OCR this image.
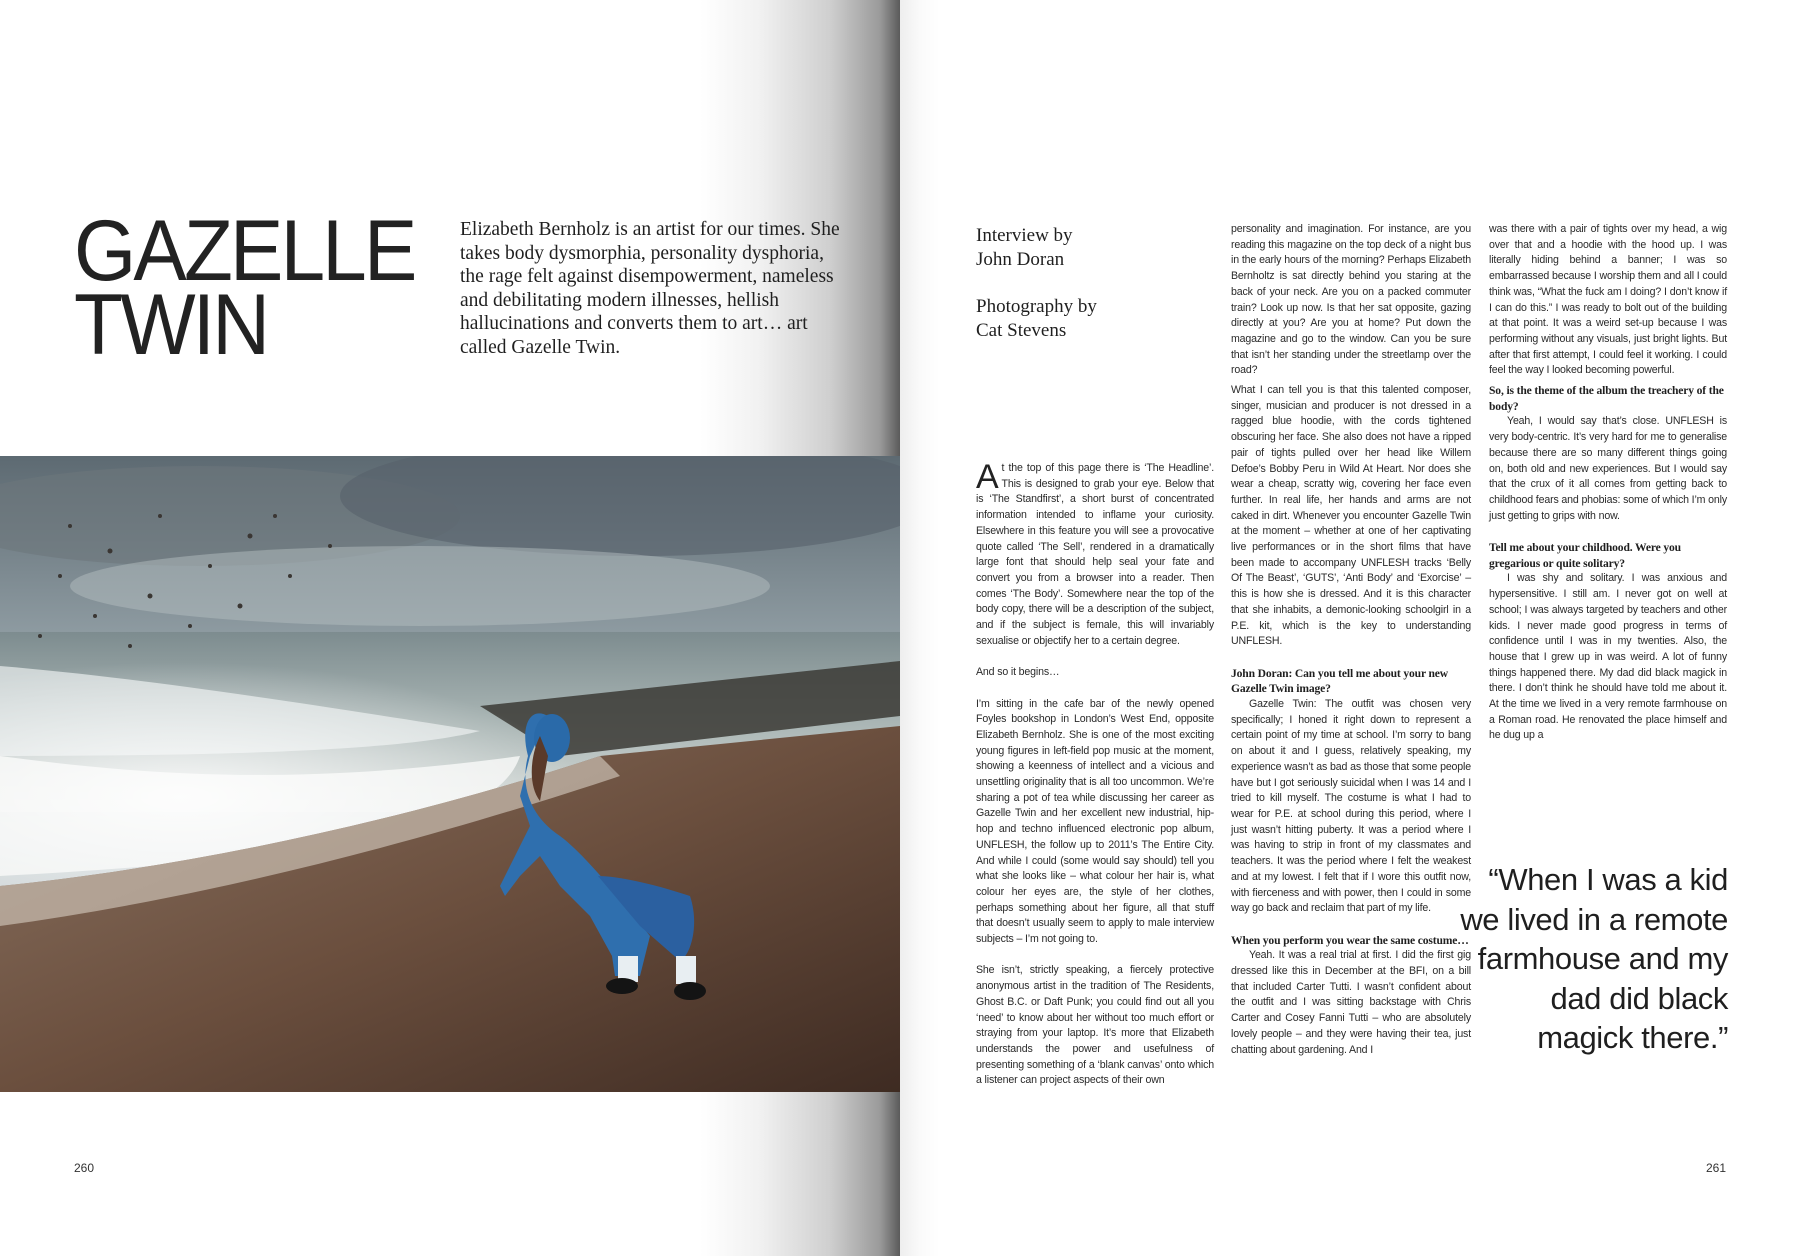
GAZELLE
TWIN

Elizabeth Bernholz is an artist for our times. She takes body dysmorphia, personality dysphoria, the rage felt against disempowerment, nameless and debilitating modern illnesses, hellish hallucinations and converts them to art… art called Gazelle Twin.

260	261
Interview by
John Doran
Photography by
Cat Stevens

At the top of this page there is ‘The Headline’. This is designed to grab your eye. Below that is ‘The Standfirst’, a short burst of concentrated information intended to inflame your curiosity. Elsewhere in this feature you will see a provocative quote called ‘The Sell’, rendered in a dramatically large font that should help seal your fate and convert you from a browser into a reader. Then comes ‘The Body’. Somewhere near the top of the body copy, there will be a description of the subject, and if the subject is female, this will invariably sexualise or objectify her to a certain degree.

And so it begins…

I’m sitting in the cafe bar of the newly opened Foyles bookshop in London’s West End, opposite Elizabeth Bernholz. She is one of the most exciting young figures in left-field pop music at the moment, showing a keenness of intellect and a vicious and unsettling originality that is all too uncommon. We’re sharing a pot of tea while discussing her career as Gazelle Twin and her excellent new industrial, hip-hop and techno influenced electronic pop album, UNFLESH, the follow up to 2011’s The Entire City. And while I could (some would say should) tell you what she looks like – what colour her hair is, what colour her eyes are, the style of her clothes, perhaps something about her figure, all that stuff that doesn’t usually seem to apply to male interview subjects – I’m not going to.

She isn’t, strictly speaking, a fiercely protective anonymous artist in the tradition of The Residents, Ghost B.C. or Daft Punk; you could find out all you ‘need’ to know about her without too much effort or straying from your laptop. It’s more that Elizabeth understands the power and usefulness of presenting something of a ‘blank canvas’ onto which a listener can project aspects of their own

personality and imagination. For instance, are you reading this magazine on the top deck of a night bus in the early hours of the morning? Perhaps Elizabeth Bernholtz is sat directly behind you staring at the back of your neck. Are you on a packed commuter train? Look up now. Is that her sat opposite, gazing directly at you? Are you at home? Put down the magazine and go to the window. Can you be sure that isn’t her standing under the streetlamp over the road?

What I can tell you is that this talented composer, singer, musician and producer is not dressed in a ragged blue hoodie, with the cords tightened obscuring her face. She also does not have a ripped pair of tights pulled over her head like Willem Defoe’s Bobby Peru in Wild At Heart. Nor does she wear a cheap, scratty wig, covering her face even further. In real life, her hands and arms are not caked in dirt. Whenever you encounter Gazelle Twin at the moment – whether at one of her captivating live performances or in the short films that have been made to accompany UNFLESH tracks ‘Belly Of The Beast’, ‘GUTS’, ‘Anti Body’ and ‘Exorcise’ – this is how she is dressed. And it is this character that she inhabits, a demonic-looking schoolgirl in a P.E. kit, which is the key to understanding UNFLESH.

John Doran: Can you tell me about your new Gazelle Twin image?

Gazelle Twin: The outfit was chosen very specifically; I honed it right down to represent a certain point of my time at school. I’m sorry to bang on about it and I guess, relatively speaking, my experience wasn’t as bad as those that some people have but I got seriously suicidal when I was 14 and I tried to kill myself. The costume is what I had to wear for P.E. at school during this period, where I just wasn’t hitting puberty. It was a period where I was having to strip in front of my classmates and teachers. It was the period where I felt the weakest and at my lowest. I felt that if I wore this outfit now, with fierceness and with power, then I could in some way go back and reclaim that part of my life.

When you perform you wear the same costume…

Yeah. It was a real trial at first. I did the first gig dressed like this in December at the BFI, on a bill that included Carter Tutti. I wasn’t confident about the outfit and I was sitting backstage with Chris Carter and Cosey Fanni Tutti – who are absolutely lovely people – and they were having their tea, just chatting about gardening. And I

was there with a pair of tights over my head, a wig over that and a hoodie with the hood up. I was literally hiding behind a banner; I was so embarrassed because I worship them and all I could think was, “What the fuck am I doing? I don’t know if I can do this.” I was ready to bolt out of the building at that point. It was a weird set-up because I was performing without any visuals, just bright lights. But after that first attempt, I could feel it working. I could feel the way I looked becoming powerful.

So, is the theme of the album the treachery of the body?

Yeah, I would say that’s close. UNFLESH is very body-centric. It’s very hard for me to generalise because there are so many different things going on, both old and new experiences. But I would say that the crux of it all comes from getting back to childhood fears and phobias: some of which I’m only just getting to grips with now.

Tell me about your childhood. Were you gregarious or quite solitary?

I was shy and solitary. I was anxious and hypersensitive. I still am. I never got on well at school; I was always targeted by teachers and other kids. I never made good progress in terms of confidence until I was in my twenties. Also, the house that I grew up in was weird. A lot of funny things happened there. My dad did black magick in there. I don’t think he should have told me about it. At the time we lived in a very remote farmhouse on a Roman road. He renovated the place himself and he dug up a

“When I was a kid we lived in a remote farmhouse and my dad did black magick there.”
